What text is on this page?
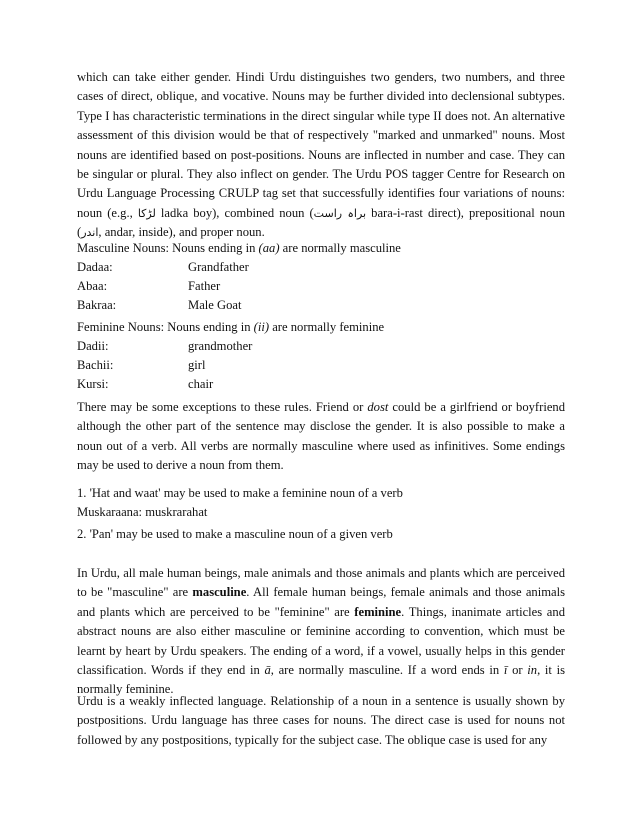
which can take either gender. Hindi Urdu distinguishes two genders, two numbers, and three cases of direct, oblique, and vocative. Nouns may be further divided into declensional subtypes. Type I has characteristic terminations in the direct singular while type II does not. An alternative assessment of this division would be that of respectively "marked and unmarked" nouns. Most nouns are identified based on post-positions. Nouns are inflected in number and case. They can be singular or plural. They also inflect on gender. The Urdu POS tagger Centre for Research on Urdu Language Processing CRULP tag set that successfully identifies four variations of nouns: noun (e.g., لڑکا ladka boy), combined noun (براہ راست bara-i-rast direct), prepositional noun (اندر, andar, inside), and proper noun.

Masculine Nouns: Nouns ending in (aa) are normally masculine
Dadaa:	Grandfather
Abaa:	Father
Bakraa:	Male Goat
Feminine Nouns: Nouns ending in (ii) are normally feminine
Dadii:	grandmother
Bachii:	girl
Kursi:	chair

There may be some exceptions to these rules. Friend or dost could be a girlfriend or boyfriend although the other part of the sentence may disclose the gender. It is also possible to make a noun out of a verb. All verbs are normally masculine where used as infinitives. Some endings may be used to derive a noun from them.

1. 'Hat and waat' may be used to make a feminine noun of a verb
Muskaraana: muskrarahat
2. 'Pan' may be used to make a masculine noun of a given verb

In Urdu, all male human beings, male animals and those animals and plants which are perceived to be "masculine" are masculine. All female human beings, female animals and those animals and plants which are perceived to be "feminine" are feminine. Things, inanimate articles and abstract nouns are also either masculine or feminine according to convention, which must be learnt by heart by Urdu speakers. The ending of a word, if a vowel, usually helps in this gender classification. Words if they end in ā, are normally masculine. If a word ends in ī or in, it is normally feminine.

Urdu is a weakly inflected language. Relationship of a noun in a sentence is usually shown by postpositions. Urdu language has three cases for nouns. The direct case is used for nouns not followed by any postpositions, typically for the subject case. The oblique case is used for any
